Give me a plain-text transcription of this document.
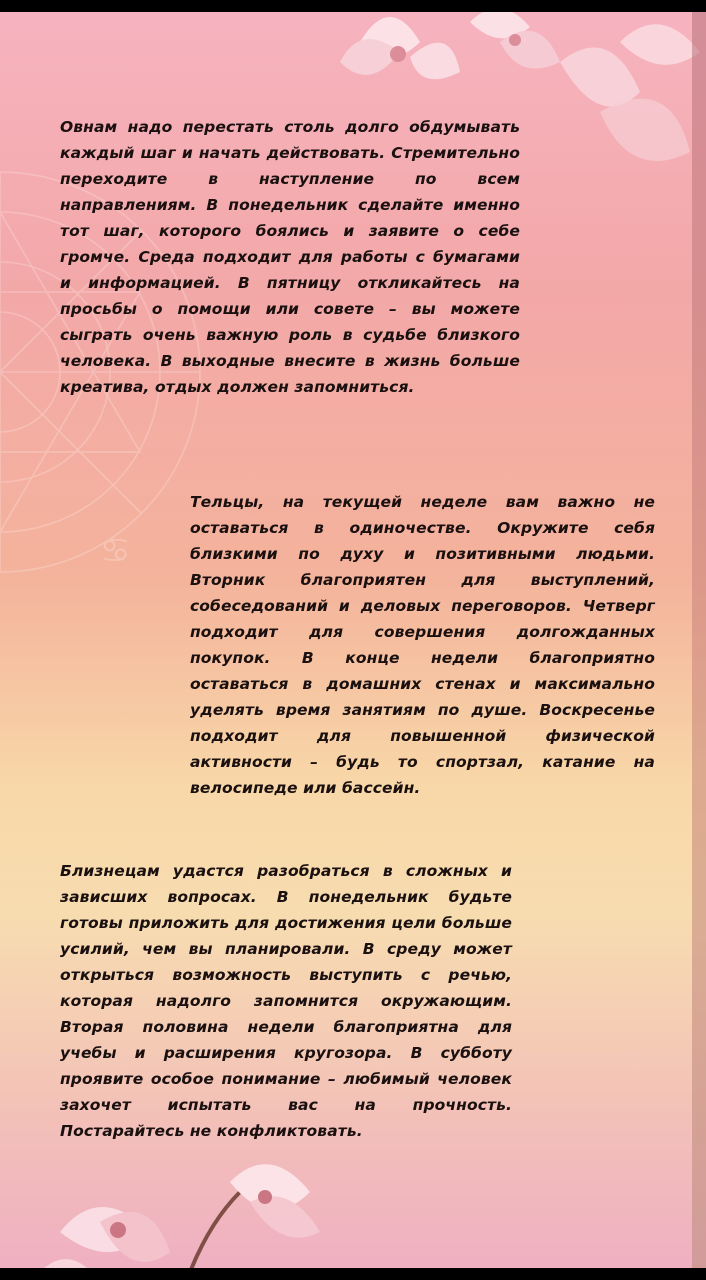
♋

Овнам надо перестать столь долго обдумывать каждый шаг и начать действовать. Стремительно переходите в наступление по всем направлениям. В понедельник сделайте именно тот шаг, которого боялись и заявите о себе громче. Среда подходит для работы с бумагами и информацией. В пятницу откликайтесь на просьбы о помощи или совете – вы можете сыграть очень важную роль в судьбе близкого человека. В выходные внесите в жизнь больше креатива, отдых должен запомниться.

Тельцы, на текущей неделе вам важно не оставаться в одиночестве. Окружите себя близкими по духу и позитивными людьми. Вторник благоприятен для выступлений, собеседований и деловых переговоров. Четверг подходит для совершения долгожданных покупок. В конце недели благоприятно оставаться в домашних стенах и максимально уделять время занятиям по душе. Воскресенье подходит для повышенной физической активности – будь то спортзал, катание на велосипеде или бассейн.

Близнецам удастся разобраться в сложных и зависших вопросах. В понедельник будьте готовы приложить для достижения цели больше усилий, чем вы планировали. В среду может открыться возможность выступить с речью, которая надолго запомнится окружающим. Вторая половина недели благоприятна для учебы и расширения кругозора. В субботу проявите особое понимание – любимый человек захочет испытать вас на прочность. Постарайтесь не конфликтовать.
